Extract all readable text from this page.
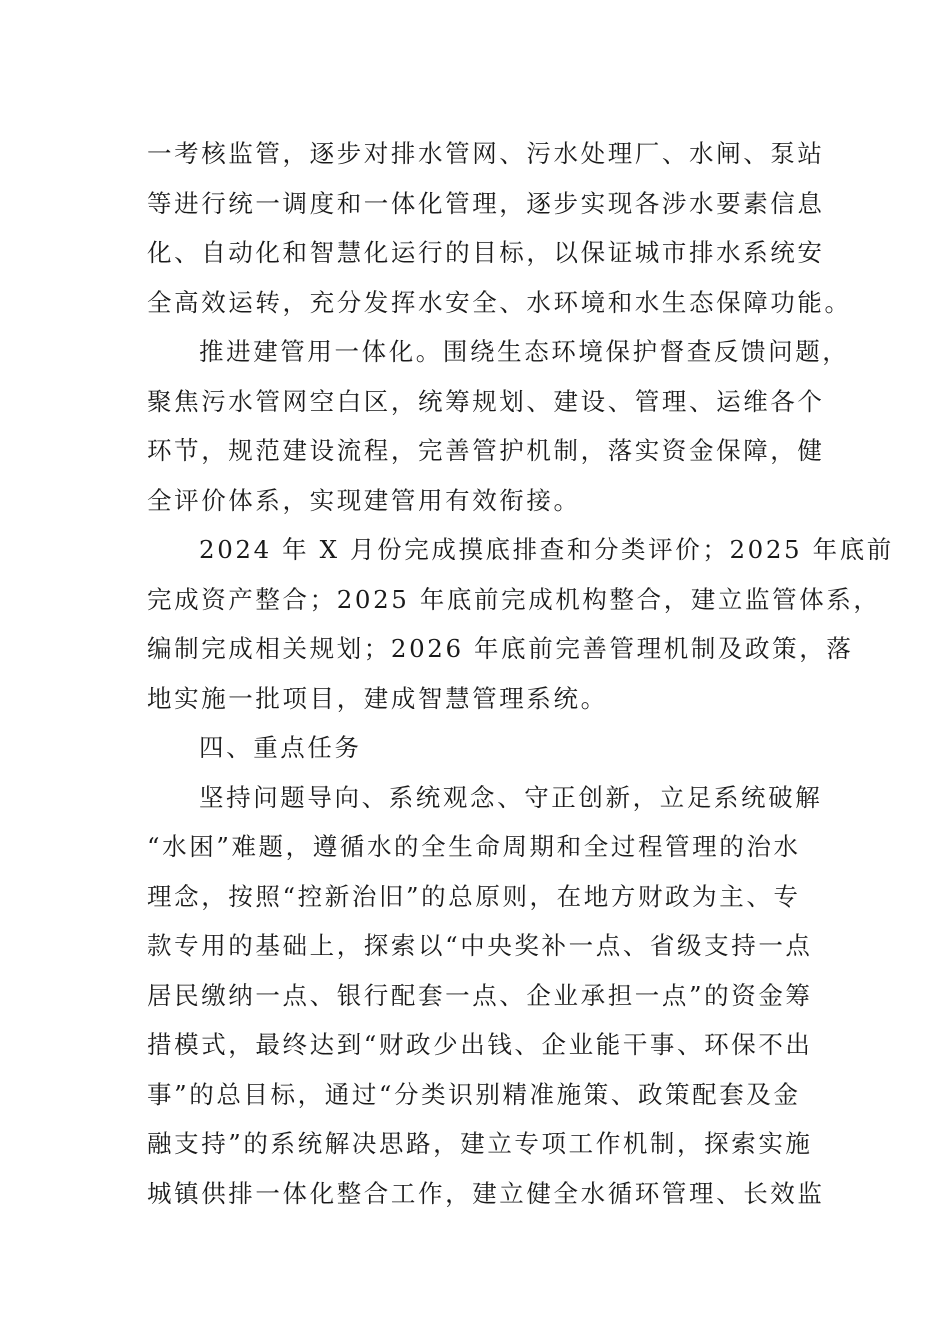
一考核监管，逐步对排水管网、污水处理厂、水闸、泵站
等进行统一调度和一体化管理，逐步实现各涉水要素信息
化、自动化和智慧化运行的目标，以保证城市排水系统安
全高效运转，充分发挥水安全、水环境和水生态保障功能。
推进建管用一体化。围绕生态环境保护督查反馈问题，
聚焦污水管网空白区，统筹规划、建设、管理、运维各个
环节，规范建设流程，完善管护机制，落实资金保障，健
全评价体系，实现建管用有效衔接。
2024 年 X 月份完成摸底排查和分类评价；2025 年底前
完成资产整合；2025 年底前完成机构整合，建立监管体系，
编制完成相关规划；2026 年底前完善管理机制及政策，落
地实施一批项目，建成智慧管理系统。
四、重点任务
坚持问题导向、系统观念、守正创新，立足系统破解
“水困”难题，遵循水的全生命周期和全过程管理的治水
理念，按照“控新治旧”的总原则，在地方财政为主、专
款专用的基础上，探索以“中央奖补一点、省级支持一点
居民缴纳一点、银行配套一点、企业承担一点”的资金筹
措模式，最终达到“财政少出钱、企业能干事、环保不出
事”的总目标，通过“分类识别精准施策、政策配套及金
融支持”的系统解决思路，建立专项工作机制，探索实施
城镇供排一体化整合工作，建立健全水循环管理、长效监
